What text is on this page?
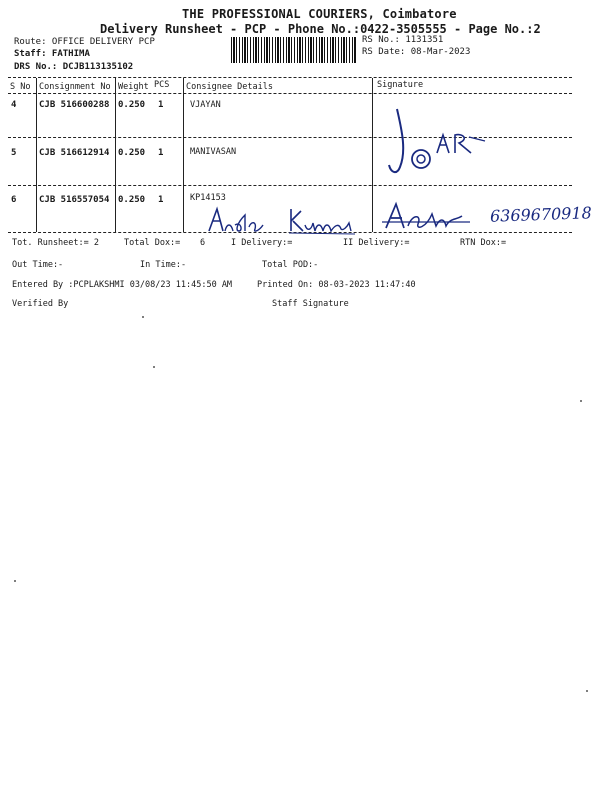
THE PROFESSIONAL COURIERS, Coimbatore
Delivery Runsheet - PCP - Phone No.:0422-3505555 - Page No.:2
Route: OFFICE DELIVERY PCP
Staff: FATHIMA
DRS No.: DCJB113135102
RS No.: 1131351
RS Date: 08-Mar-2023
S No Consignment No Weight PCS Consignee Details	Signature
4	CJB 516600288 0.250 1	VJAYAN
5	CJB 516612914 0.250 1	MANIVASAN
6	CJB 516557054 0.250 1	KP14153
6369670918
Tot. Runsheet:= 2	Total Dox:= 6	I Delivery:=	II Delivery:=	RTN Dox:=
Out Time:-	In Time:-	Total POD:-
Entered By :PCPLAKSHMI 03/08/23 11:45:50 AM	Printed On: 08-03-2023 11:47:40
Verified By	Staff Signature
